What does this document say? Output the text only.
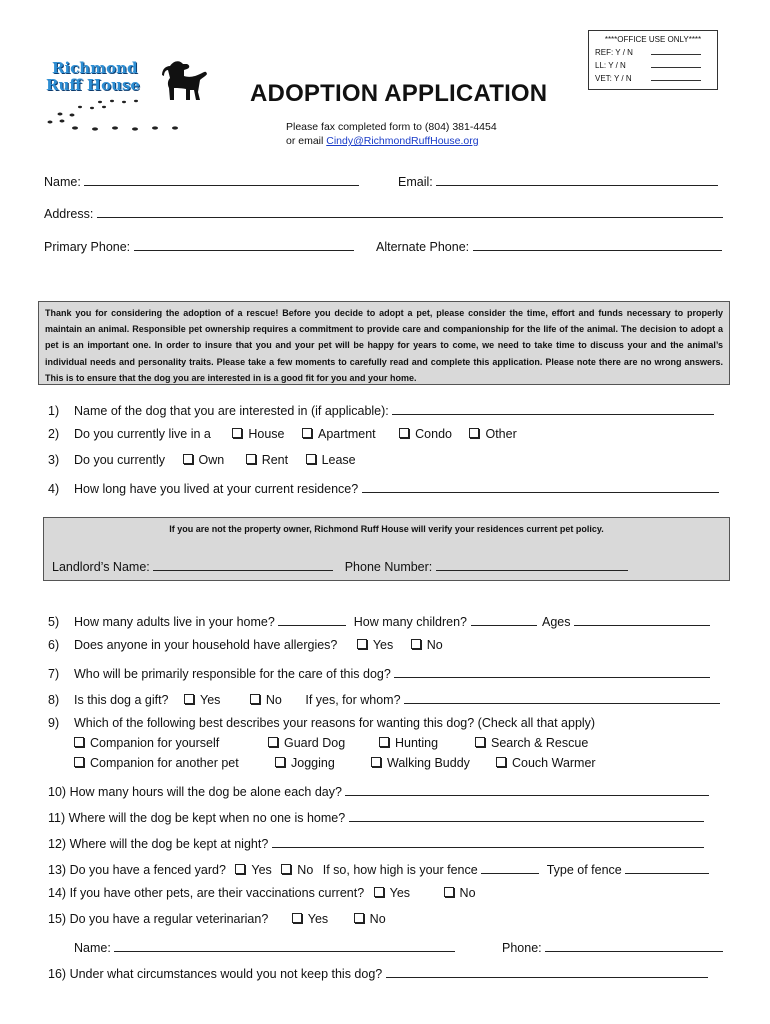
****OFFICE USE ONLY****
REF: Y / N
LL: Y / N
VET: Y / N
Richmond
Ruff House	ADOPTION APPLICATION
Please fax completed form to (804) 381-4454
or email Cindy@RichmondRuffHouse.org
Name:	Email:
Address:
Primary Phone:	Alternate Phone:
Thank you for considering the adoption of a rescue! Before you decide to adopt a pet, please consider the time, effort and funds necessary to properly maintain an animal. Responsible pet ownership requires a commitment to provide care and companionship for the life of the animal. The decision to adopt a pet is an important one. In order to insure that you and your pet will be happy for years to come, we need to take time to discuss your and the animal’s individual needs and personality traits. Please take a few moments to carefully read and complete this application. Please note there are no wrong answers. This is to ensure that the dog you are interested in is a good fit for you and your home.
1) Name of the dog that you are interested in (if applicable):
2) Do you currently live in a	House	Apartment	Condo	Other
3) Do you currently	Own	Rent	Lease
4) How long have you lived at your current residence?
If you are not the property owner, Richmond Ruff House will verify your residences current pet policy.
Landlord’s Name:	Phone Number:
5) How many adults live in your home?	How many children?	Ages
6) Does anyone in your household have allergies?	Yes	No
7) Who will be primarily responsible for the care of this dog?
8) Is this dog a gift?	Yes	No If yes, for whom?
9) Which of the following best describes your reasons for wanting this dog? (Check all that apply)
Companion for yourself	Guard Dog	Hunting	Search & Rescue
Companion for another pet	Jogging	Walking Buddy	Couch Warmer
10) How many hours will the dog be alone each day?
11) Where will the dog be kept when no one is home?
12) Where will the dog be kept at night?
13) Do you have a fenced yard? Yes No If so, how high is your fence	Type of fence
14) If you have other pets, are their vaccinations current? Yes	No
15) Do you have a regular veterinarian?	Yes	No
Name:	Phone:
16) Under what circumstances would you not keep this dog?
